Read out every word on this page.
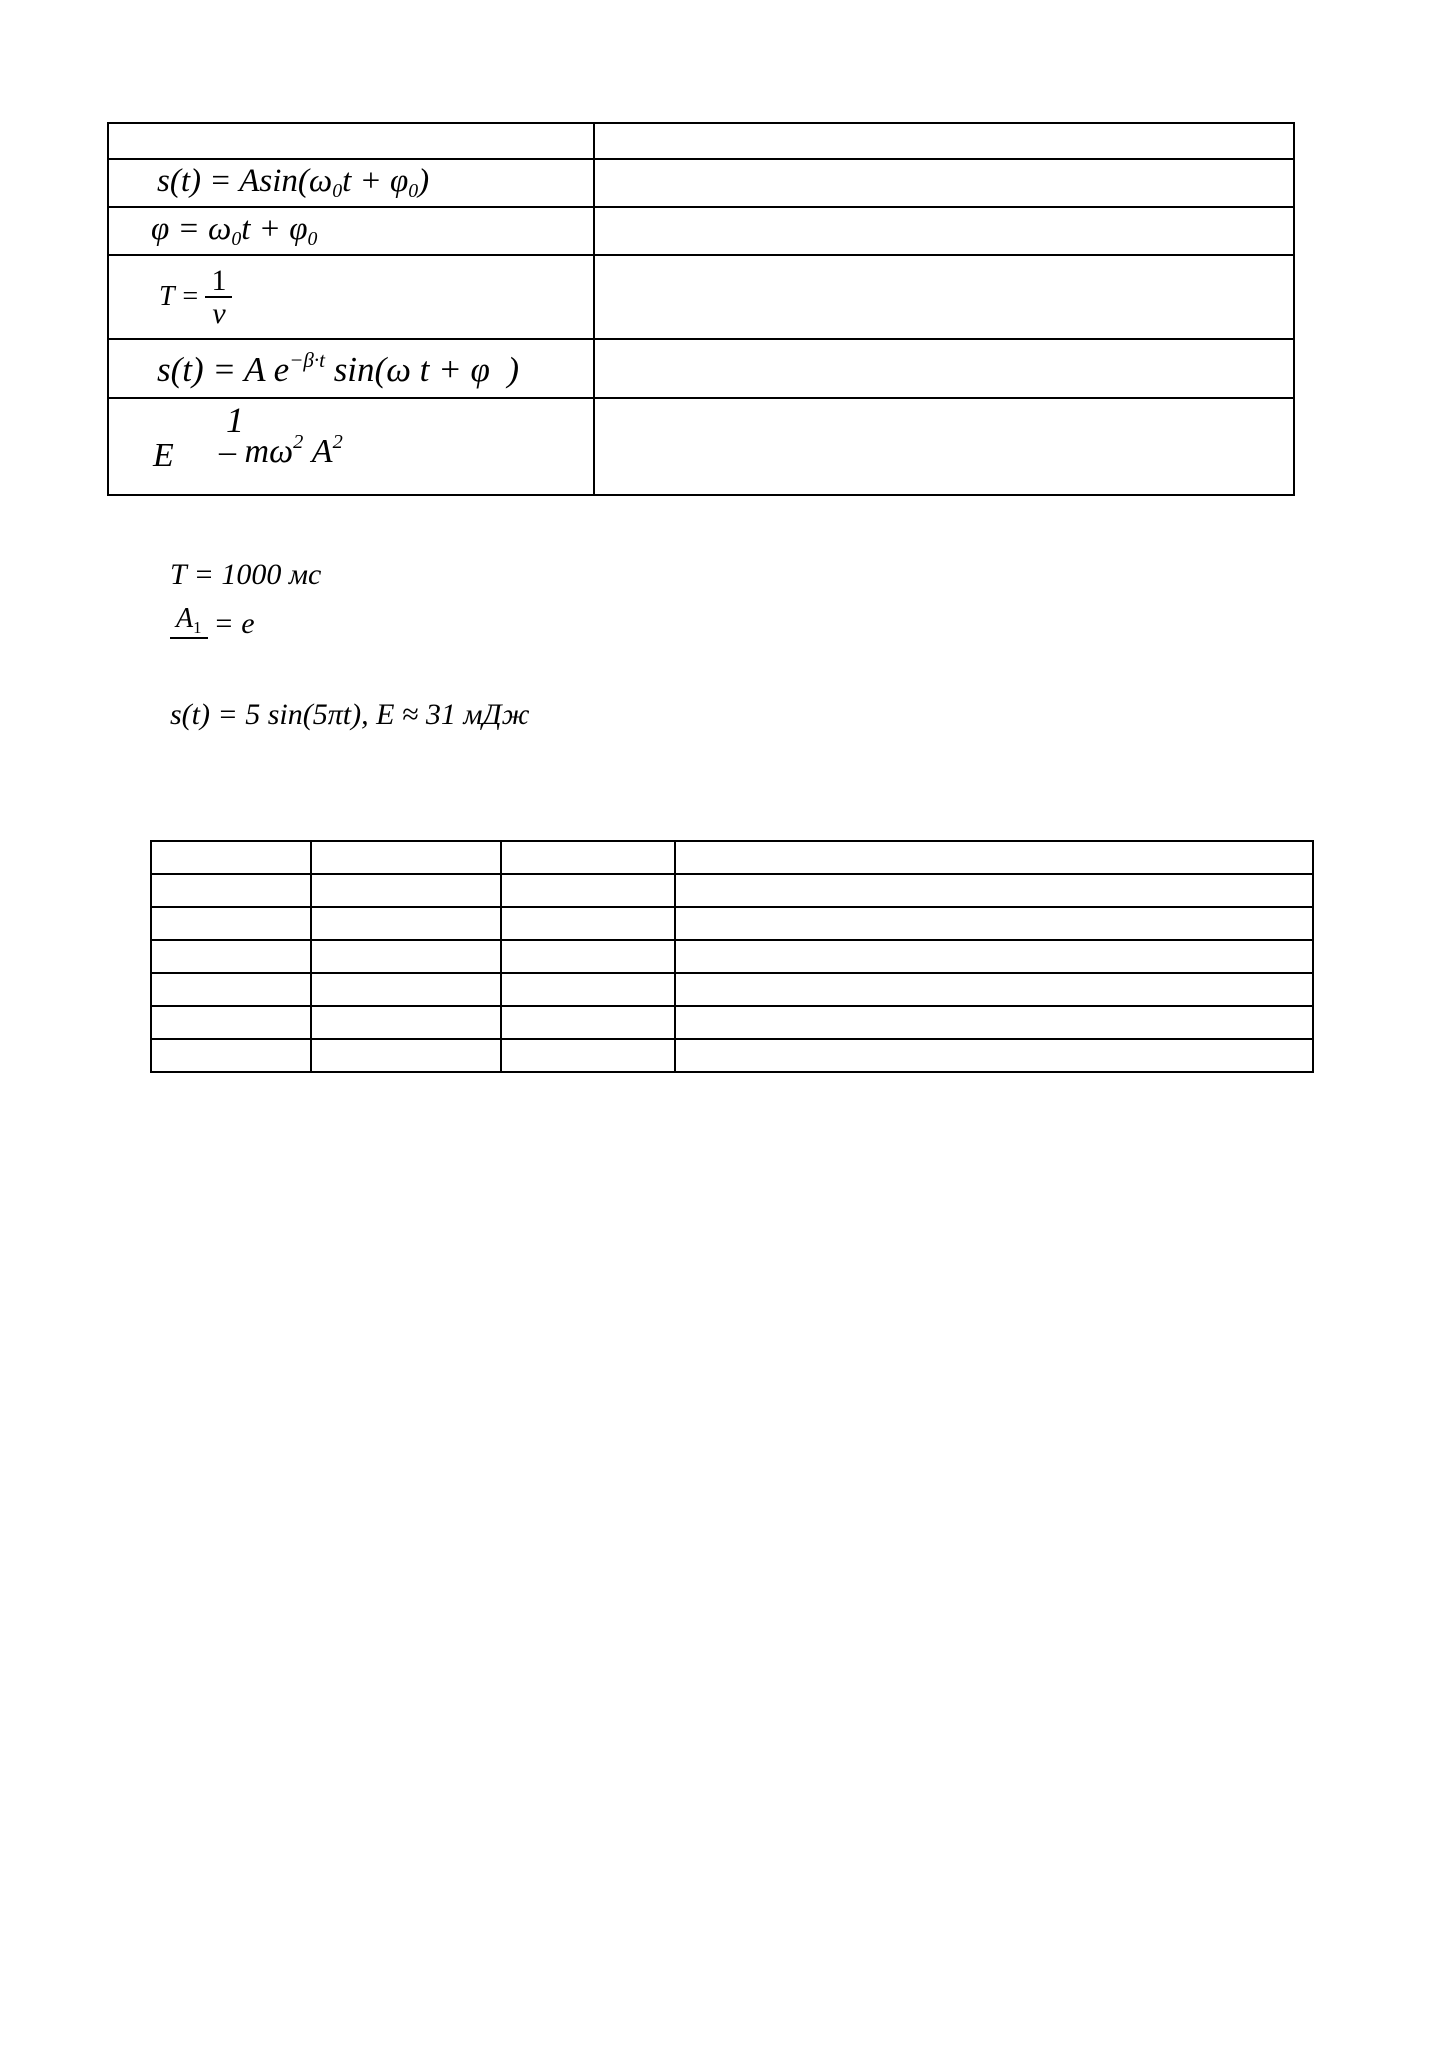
$s(t) = Asin(\omega_0t + \varphi_0)$	
$\varphi = \omega_0t + \varphi_0$	

$T = \frac{1}{\nu}$

s(t) = A $e^{-\beta\cdot t}$ sin(ω t + φ  )	

E
1
– $m\omega^2$ $A^2$

T = 1000 мс
$A_1 = e$
s(t) = 5 sin(5πt), E ≈ 31 мДж
